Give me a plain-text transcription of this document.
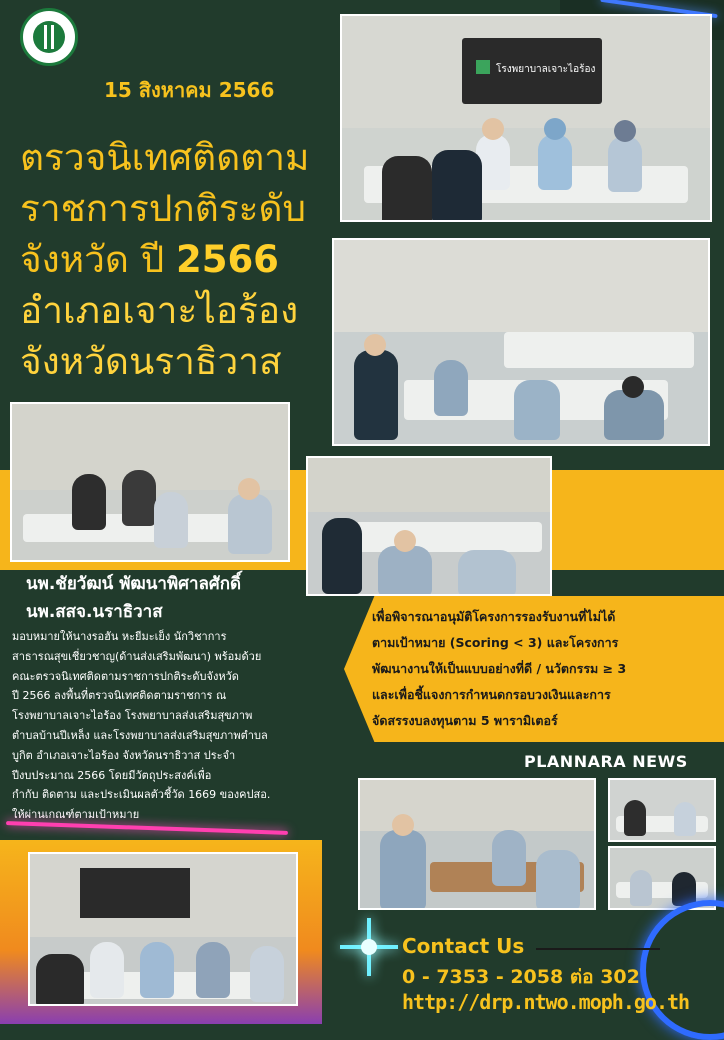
15 สิงหาคม 2566
ตรวจนิเทศติดตาม
ราชการปกติระดับ
จังหวัด ปี 2566
อำเภอเจาะไอร้อง
จังหวัดนราธิวาส
โรงพยาบาลเจาะไอร้อง
นพ.ชัยวัฒน์ พัฒนาพิศาลศักดิ์
นพ.สสจ.นราธิวาส
มอบหมายให้นางรอฮัน หะยีมะเย็ง นักวิชาการ
สาธารณสุขเชี่ยวชาญ(ด้านส่งเสริมพัฒนา) พร้อมด้วย
คณะตรวจนิเทศติดตามราชการปกติระดับจังหวัด
ปี 2566 ลงพื้นที่ตรวจนิเทศติดตามราชการ ณ
โรงพยาบาลเจาะไอร้อง โรงพยาบาลส่งเสริมสุขภาพ
ตำบลบ้านปีเหล็ง และโรงพยาบาลส่งเสริมสุขภาพตำบล
บูกิต อำเภอเจาะไอร้อง จังหวัดนราธิวาส ประจำ
ปีงบประมาณ 2566 โดยมีวัตถุประสงค์เพื่อ
กำกับ ติดตาม และประเมินผลตัวชี้วัด 1669 ของคปสอ.
ให้ผ่านเกณฑ์ตามเป้าหมาย
เพื่อพิจารณาอนุมัติโครงการรองรับงานที่ไม่ได้
ตามเป้าหมาย (Scoring < 3) และโครงการ
พัฒนางานให้เป็นแบบอย่างที่ดี / นวัตกรรม ≥ 3
และเพื่อชี้แจงการกำหนดกรอบวงเงินและการ
จัดสรรงบลงทุนตาม 5 พารามิเตอร์
PLANNARA NEWS
Contact Us
0 - 7353 - 2058 ต่อ 302
http://drp.ntwo.moph.go.th
